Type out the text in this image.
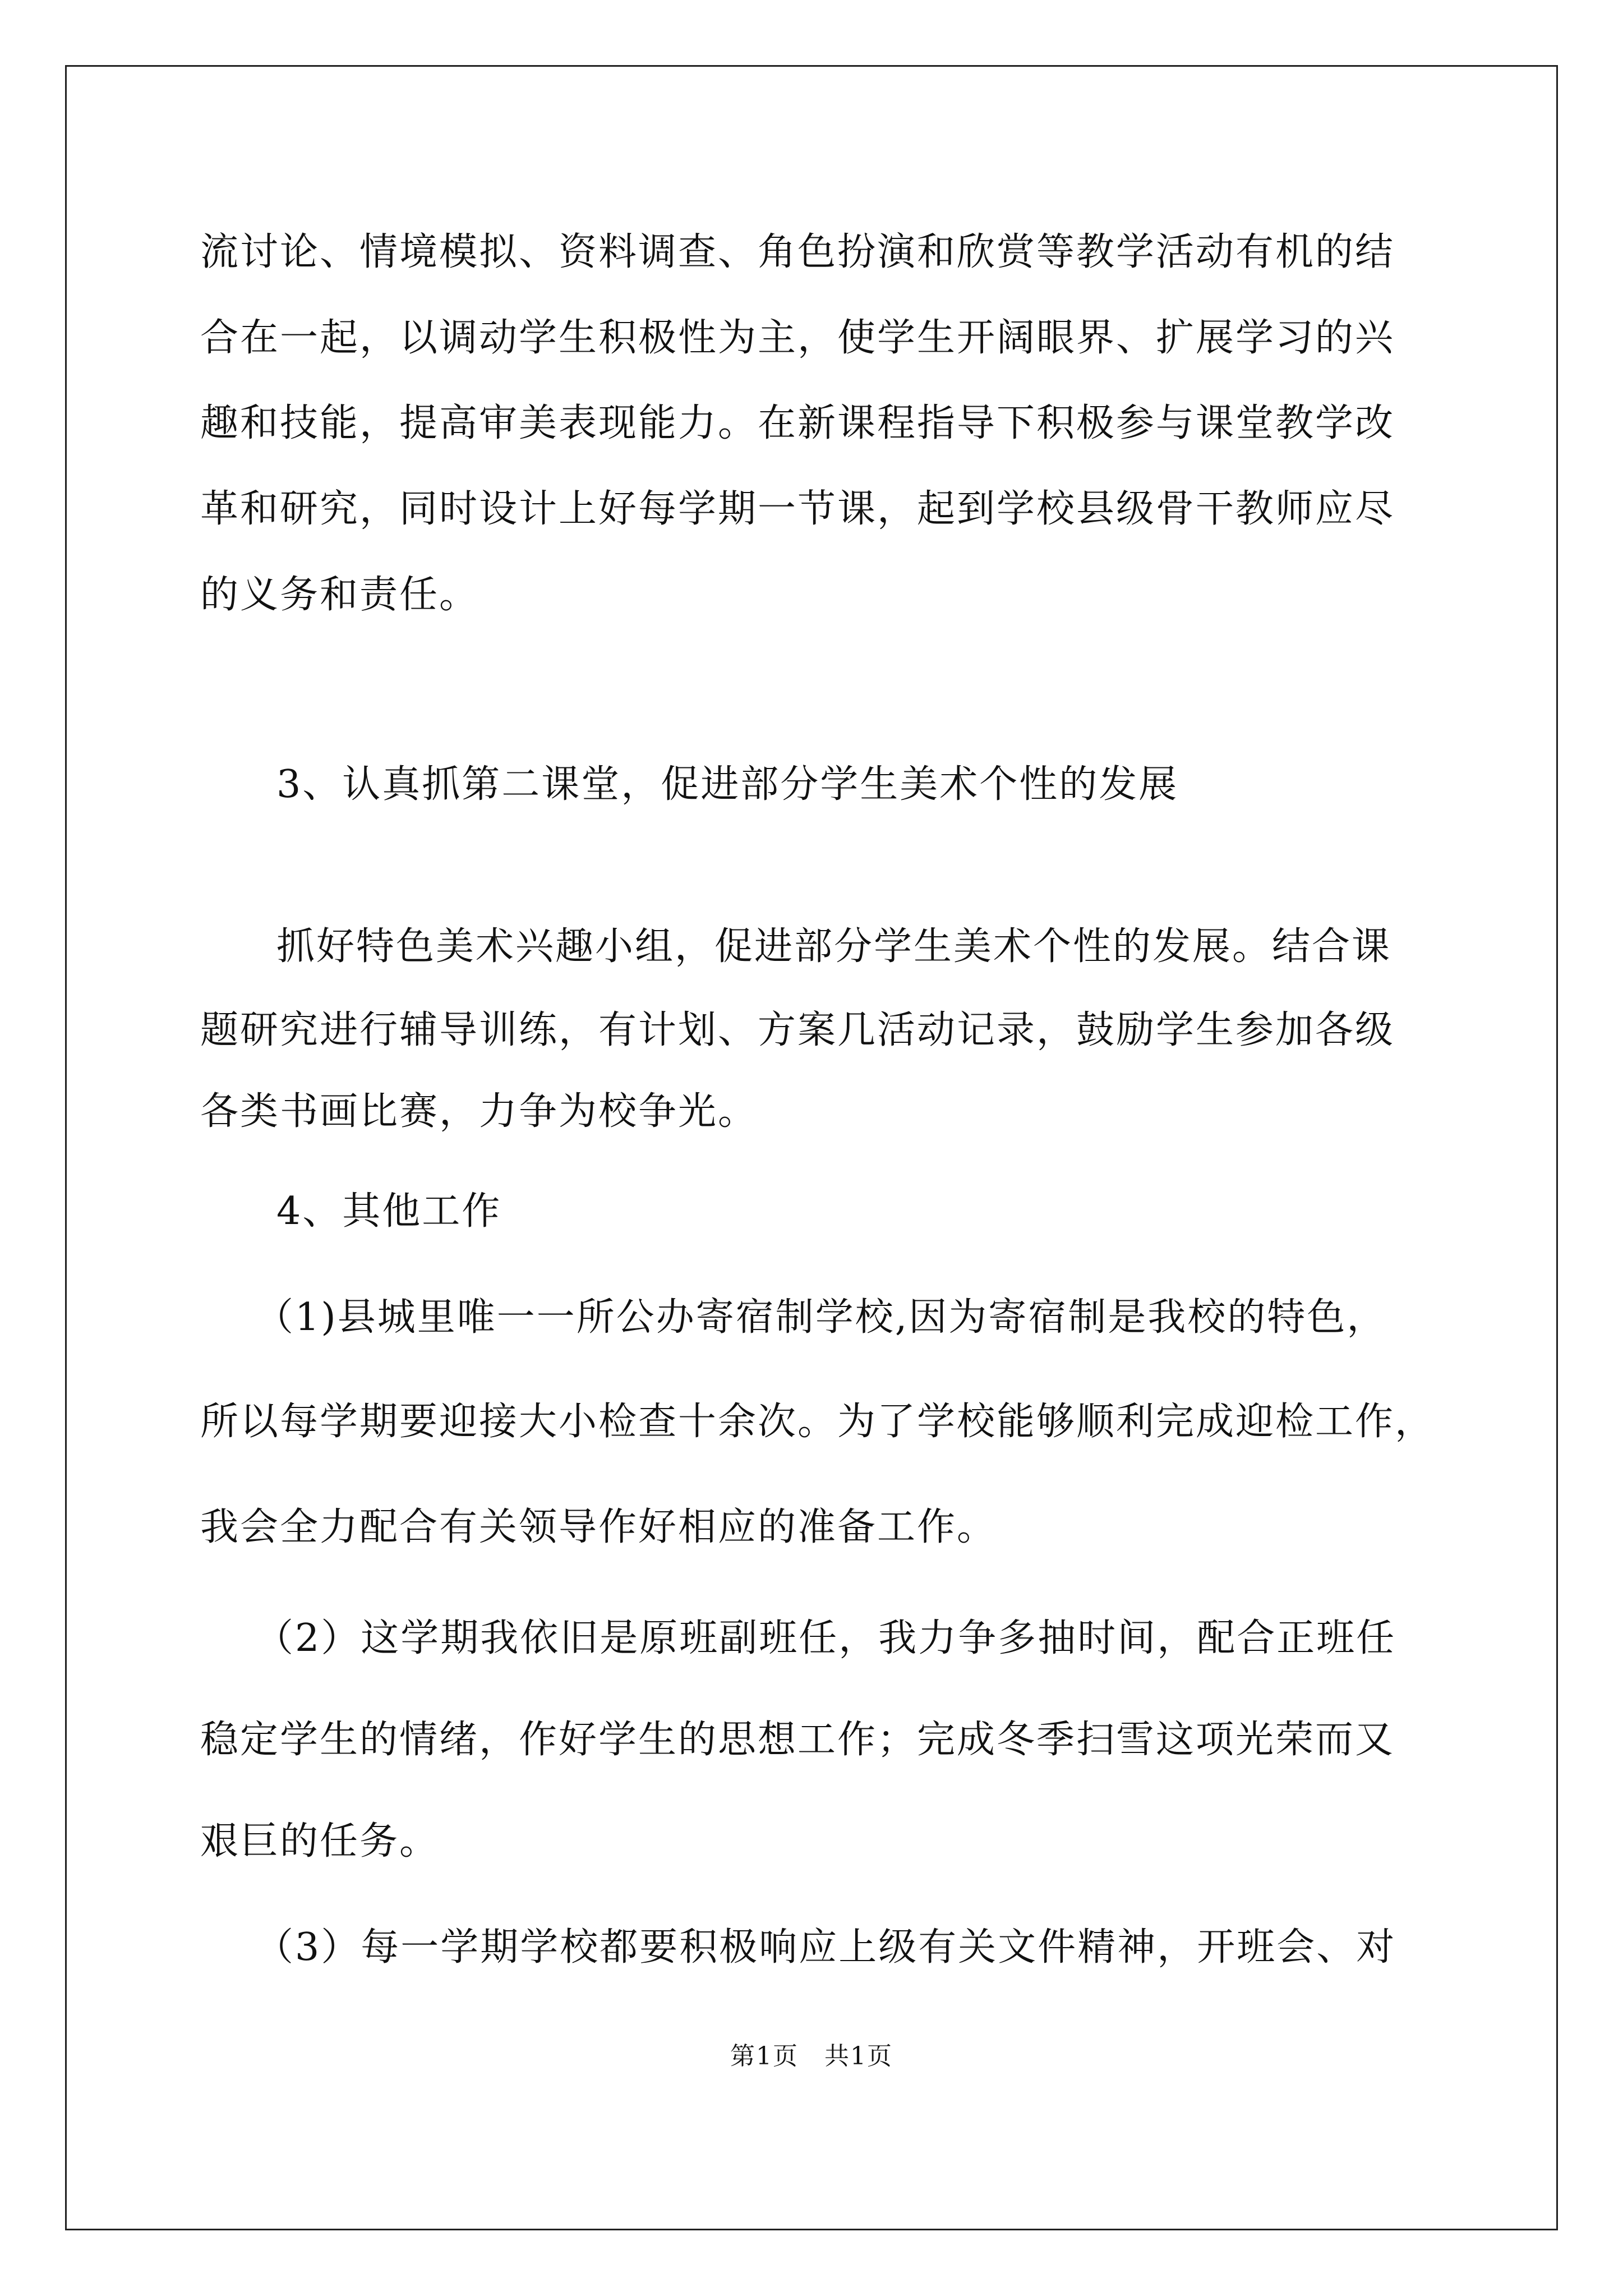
流讨论、情境模拟、资料调查、角色扮演和欣赏等教学活动有机的结
合在一起，以调动学生积极性为主，使学生开阔眼界、扩展学习的兴
趣和技能，提高审美表现能力。在新课程指导下积极参与课堂教学改
革和研究，同时设计上好每学期一节课，起到学校县级骨干教师应尽
的义务和责任。
3、认真抓第二课堂，促进部分学生美术个性的发展
抓好特色美术兴趣小组，促进部分学生美术个性的发展。结合课
题研究进行辅导训练，有计划、方案几活动记录，鼓励学生参加各级
各类书画比赛，力争为校争光。
4、其他工作
（1)县城里唯一一所公办寄宿制学校,因为寄宿制是我校的特色，
所以每学期要迎接大小检查十余次。为了学校能够顺利完成迎检工作，
我会全力配合有关领导作好相应的准备工作。
（2）这学期我依旧是原班副班任，我力争多抽时间，配合正班任
稳定学生的情绪，作好学生的思想工作；完成冬季扫雪这项光荣而又
艰巨的任务。
（3）每一学期学校都要积极响应上级有关文件精神，开班会、对
第1页　共1页
